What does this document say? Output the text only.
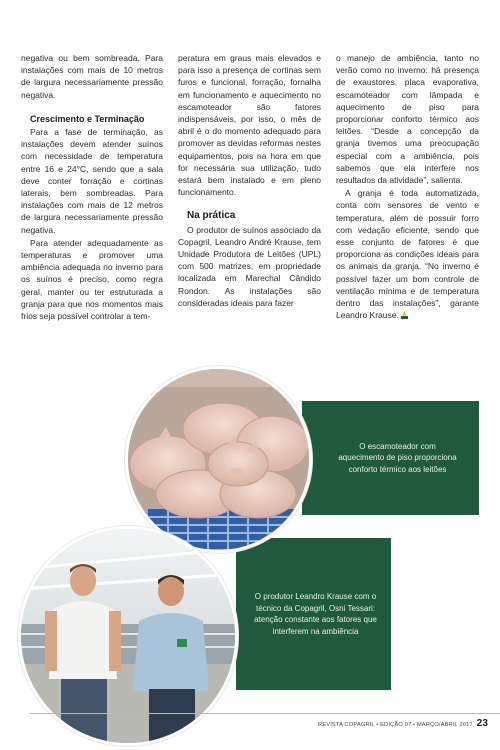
negativa ou bem sombreada. Para instalações com mais de 10 metros de largura necessariamente pressão negativa.

Crescimento e Terminação

Para a fase de terminação, as instalações devem atender suínos com necessidade de temperatura entre 16 e 24°C, sendo que a sala deve conter forração e cortinas laterais, bem sombreadas. Para instalações com mais de 12 metros de largura necessariamente pressão negativa.

Para atender adequadamente as temperaturas e promover uma ambiência adequada no inverno para os suínos é preciso, como regra geral, manter ou ter estruturada a granja para que nos momentos mais frios seja possível controlar a tem-

peratura em graus mais elevados e para isso a presença de cortinas sem furos e funcional, forração, fornalha em funcionamento e aquecimento no escamoteador são fatores indispensáveis, por isso, o mês de abril é o do momento adequado para promover as devidas reformas nestes equipamentos, pois na hora em que for necessária sua utilização, tudo estará bem instalado e em pleno funcionamento.

Na prática

O produtor de suínos associado da Copagril, Leandro André Krause, tem Unidade Produtora de Leitões (UPL) com 500 matrizes, em propriedade localizada em Marechal Cândido Rondon. As instalações são consideradas ideais para fazer

o manejo de ambiência, tanto no verão como no inverno: há presença de exaustores, placa evaporativa, escamoteador com lâmpada e aquecimento de piso para proporcionar conforto térmico aos leitões. “Desde a concepção da granja tivemos uma preocupação especial com a ambiência, pois sabemos que ela interfere nos resultados da atividade”, salienta.

A granja é toda automatizada, conta com sensores de vento e temperatura, além de possuir forro com vedação eficiente, sendo que esse conjunto de fatores é que proporciona as condições ideais para os animais da granja. “No inverno é possível fazer um bom controle de ventilação mínima e de temperatura dentro das instalações”, garante Leandro Krause.

O escamoteador com aquecimento de piso proporciona conforto térmico aos leitões
O produtor Leandro Krause com o técnico da Copagril, Osni Tessari: atenção constante aos fatores que interferem na ambiência
REVISTA COPAGRIL • EDIÇÃO 97 • MARÇO/ABRIL 2017 23
